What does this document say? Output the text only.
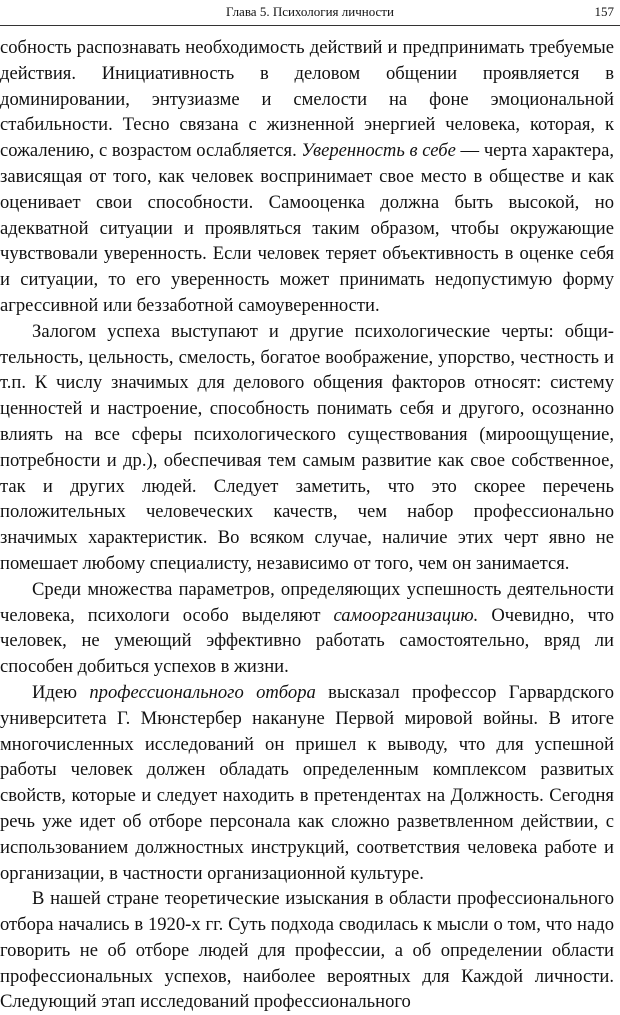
Глава 5. Психология личности	157

собность распознавать необходимость действий и предпринимать требуемые действия. Инициативность в деловом общении проявляется в доминировании, энтузиазме и смелости на фоне эмоциональной стабильности. Тесно связана с жизненной энергией человека, которая, к сожалению, с возрастом ослабляется. Уверенность в себе — черта характера, зависящая от того, как человек воспринимает свое место в обществе и как оценивает свои способности. Самооценка должна быть высокой, но адекватной ситуации и проявляться таким образом, чтобы окружающие чувствовали уверенность. Если человек теряет объективность в оценке себя и ситуации, то его уверенность может принимать недопустимую форму агрессивной или беззаботной самоуверенности.

Залогом успеха выступают и другие психологические черты: общительность, цельность, смелость, богатое воображение, упорство, честность и т.п. К числу значимых для делового общения факторов относят: систему ценностей и настроение, способность понимать себя и другого, осознанно влиять на все сферы психологического существования (мироощущение, потребности и др.), обеспечивая тем самым развитие как свое собственное, так и других людей. Следует заметить, что это скорее перечень положительных человеческих качеств, чем набор профессионально значимых характеристик. Во всяком случае, наличие этих черт явно не помешает любому специалисту, независимо от того, чем он занимается.

Среди множества параметров, определяющих успешность деятельности человека, психологи особо выделяют самоорганизацию. Очевидно, что человек, не умеющий эффективно работать самостоятельно, вряд ли способен добиться успехов в жизни.

Идею профессионального отбора высказал профессор Гарвардского университета Г. Мюнстербер накануне Первой мировой войны. В итоге многочисленных исследований он пришел к выводу, что для успешной работы человек должен обладать определенным комплексом развитых свойств, которые и следует находить в претендентах на Должность. Сегодня речь уже идет об отборе персонала как сложно разветвленном действии, с использованием должностных инструкций, соответствия человека работе и организации, в частности организационной культуре.

В нашей стране теоретические изыскания в области профессионального отбора начались в 1920-х гг. Суть подхода сводилась к мысли о том, что надо говорить не об отборе людей для профессии, а об определении области профессиональных успехов, наиболее вероятных для Каждой личности. Следующий этап исследований профессионального
